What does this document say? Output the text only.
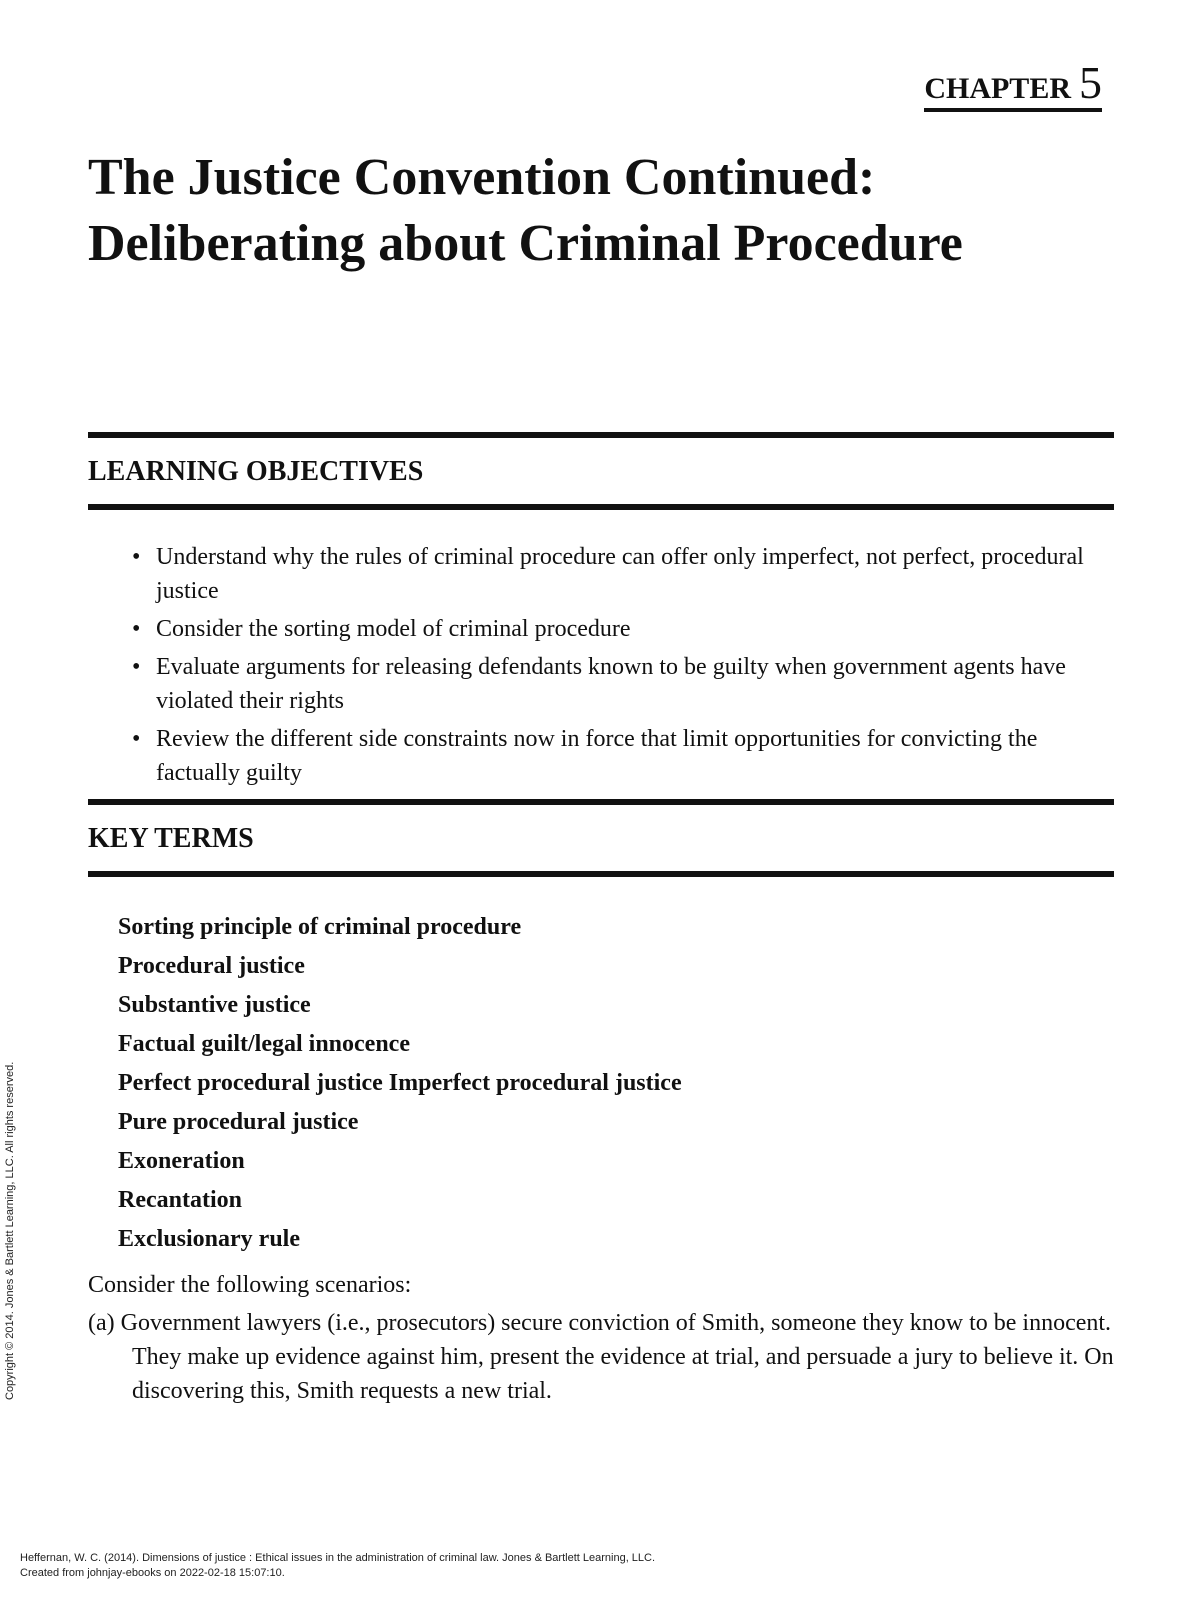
CHAPTER 5
The Justice Convention Continued:
Deliberating about Criminal Procedure
LEARNING OBJECTIVES
• Understand why the rules of criminal procedure can offer only imperfect, not perfect, procedural justice
• Consider the sorting model of criminal procedure
• Evaluate arguments for releasing defendants known to be guilty when government agents have violated their rights
• Review the different side constraints now in force that limit opportunities for convicting the factually guilty
KEY TERMS
Sorting principle of criminal procedure
Procedural justice
Substantive justice
Factual guilt/legal innocence
Perfect procedural justice Imperfect procedural justice
Pure procedural justice
Exoneration
Recantation
Exclusionary rule

Consider the following scenarios:

(a) Government lawyers (i.e., prosecutors) secure conviction of Smith, someone they know to be innocent. They make up evidence against him, present the evidence at trial, and persuade a jury to believe it. On discovering this, Smith requests a new trial.

Copyright © 2014. Jones & Bartlett Learning, LLC. All rights reserved.
Heffernan, W. C. (2014). Dimensions of justice : Ethical issues in the administration of criminal law. Jones & Bartlett Learning, LLC.
Created from johnjay-ebooks on 2022-02-18 15:07:10.
